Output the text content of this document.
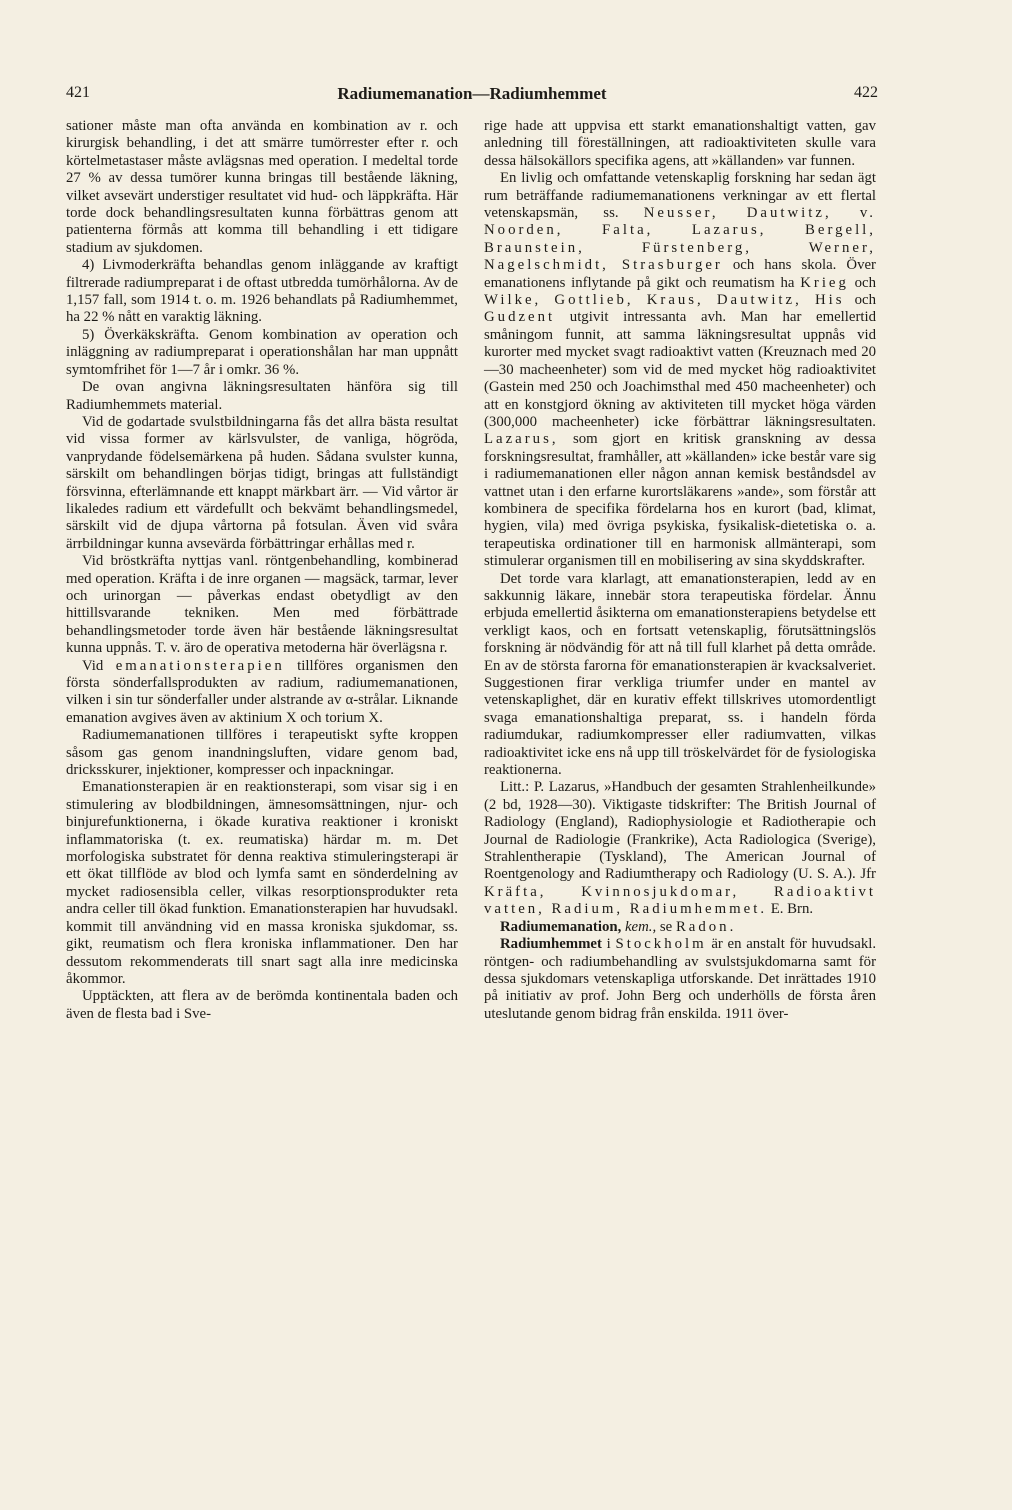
421	Radiumemanation—Radiumhemmet	422

sationer måste man ofta använda en kombination av r. och kirurgisk behandling, i det att smärre tumörrester efter r. och körtelmetastaser måste avlägsnas med operation. I medeltal torde 27 % av dessa tumörer kunna bringas till bestående läkning, vilket avsevärt understiger resultatet vid hud- och läppkräfta. Här torde dock behandlingsresultaten kunna förbättras genom att patienterna förmås att komma till behandling i ett tidigare stadium av sjukdomen.

4) Livmoderkräfta behandlas genom inläggande av kraftigt filtrerade radiumpreparat i de oftast utbredda tumörhålorna. Av de 1,157 fall, som 1914 t. o. m. 1926 behandlats på Radiumhemmet, ha 22 % nått en varaktig läkning.

5) Överkäkskräfta. Genom kombination av operation och inläggning av radiumpreparat i operationshålan har man uppnått symtomfrihet för 1—7 år i omkr. 36 %.

De ovan angivna läkningsresultaten hänföra sig till Radiumhemmets material.

Vid de godartade svulstbildningarna fås det allra bästa resultat vid vissa former av kärlsvulster, de vanliga, högröda, vanprydande födelsemärkena på huden. Sådana svulster kunna, särskilt om behandlingen börjas tidigt, bringas att fullständigt försvinna, efterlämnande ett knappt märkbart ärr. — Vid vårtor är likaledes radium ett värdefullt och bekvämt behandlingsmedel, särskilt vid de djupa vårtorna på fotsulan. Även vid svåra ärrbildningar kunna avsevärda förbättringar erhållas med r.

Vid bröstkräfta nyttjas vanl. röntgenbehandling, kombinerad med operation. Kräfta i de inre organen — magsäck, tarmar, lever och urinorgan — påverkas endast obetydligt av den hittillsvarande tekniken. Men med förbättrade behandlingsmetoder torde även här bestående läkningsresultat kunna uppnås. T. v. äro de operativa metoderna här överlägsna r.

Vid emanationsterapien tillföres organismen den första sönderfallsprodukten av radium, radiumemanationen, vilken i sin tur sönderfaller under alstrande av α-strålar. Liknande emanation avgives även av aktinium X och torium X.

Radiumemanationen tillföres i terapeutiskt syfte kroppen såsom gas genom inandningsluften, vidare genom bad, dricksskurer, injektioner, kompresser och inpackningar.

Emanationsterapien är en reaktionsterapi, som visar sig i en stimulering av blodbildningen, ämnesomsättningen, njur- och binjurefunktionerna, i ökade kurativa reaktioner i kroniskt inflammatoriska (t. ex. reumatiska) härdar m. m. Det morfologiska substratet för denna reaktiva stimuleringsterapi är ett ökat tillflöde av blod och lymfa samt en sönderdelning av mycket radiosensibla celler, vilkas resorptionsprodukter reta andra celler till ökad funktion. Emanationsterapien har huvudsakl. kommit till användning vid en massa kroniska sjukdomar, ss. gikt, reumatism och flera kroniska inflammationer. Den har dessutom rekommenderats till snart sagt alla inre medicinska åkommor.

Upptäckten, att flera av de berömda kontinentala baden och även de flesta bad i Sve-

rige hade att uppvisa ett starkt emanationshaltigt vatten, gav anledning till föreställningen, att radioaktiviteten skulle vara dessa hälsokällors specifika agens, att »källanden» var funnen.

En livlig och omfattande vetenskaplig forskning har sedan ägt rum beträffande radiumemanationens verkningar av ett flertal vetenskapsmän, ss. Neusser, Dautwitz, v. Noorden, Falta, Lazarus, Bergell, Braunstein, Fürstenberg, Werner, Nagelschmidt, Strasburger och hans skola. Över emanationens inflytande på gikt och reumatism ha Krieg och Wilke, Gottlieb, Kraus, Dautwitz, His och Gudzent utgivit intressanta avh. Man har emellertid småningom funnit, att samma läkningsresultat uppnås vid kurorter med mycket svagt radioaktivt vatten (Kreuznach med 20—30 macheenheter) som vid de med mycket hög radioaktivitet (Gastein med 250 och Joachimsthal med 450 macheenheter) och att en konstgjord ökning av aktiviteten till mycket höga värden (300,000 macheenheter) icke förbättrar läkningsresultaten. Lazarus, som gjort en kritisk granskning av dessa forskningsresultat, framhåller, att »källanden» icke består vare sig i radiumemanationen eller någon annan kemisk beståndsdel av vattnet utan i den erfarne kurortsläkarens »ande», som förstår att kombinera de specifika fördelarna hos en kurort (bad, klimat, hygien, vila) med övriga psykiska, fysikalisk-dietetiska o. a. terapeutiska ordinationer till en harmonisk allmänterapi, som stimulerar organismen till en mobilisering av sina skyddskrafter.

Det torde vara klarlagt, att emanationsterapien, ledd av en sakkunnig läkare, innebär stora terapeutiska fördelar. Ännu erbjuda emellertid åsikterna om emanationsterapiens betydelse ett verkligt kaos, och en fortsatt vetenskaplig, förutsättningslös forskning är nödvändig för att nå till full klarhet på detta område. En av de största farorna för emanationsterapien är kvacksalveriet. Suggestionen firar verkliga triumfer under en mantel av vetenskaplighet, där en kurativ effekt tillskrives utomordentligt svaga emanationshaltiga preparat, ss. i handeln förda radiumdukar, radiumkompresser eller radiumvatten, vilkas radioaktivitet icke ens nå upp till tröskelvärdet för de fysiologiska reaktionerna.

Litt.: P. Lazarus, »Handbuch der gesamten Strahlenheilkunde» (2 bd, 1928—30). Viktigaste tidskrifter: The British Journal of Radiology (England), Radiophysiologie et Radiotherapie och Journal de Radiologie (Frankrike), Acta Radiologica (Sverige), Strahlentherapie (Tyskland), The American Journal of Roentgenology and Radiumtherapy och Radiology (U. S. A.). Jfr Kräfta, Kvinnosjukdomar, Radioaktivt vatten, Radium, Radiumhemmet. E. Brn.

Radiumemanation, kem., se Radon.

Radiumhemmet i Stockholm är en anstalt för huvudsakl. röntgen- och radiumbehandling av svulstsjukdomarna samt för dessa sjukdomars vetenskapliga utforskande. Det inrättades 1910 på initiativ av prof. John Berg och underhölls de första åren uteslutande genom bidrag från enskilda. 1911 över-
